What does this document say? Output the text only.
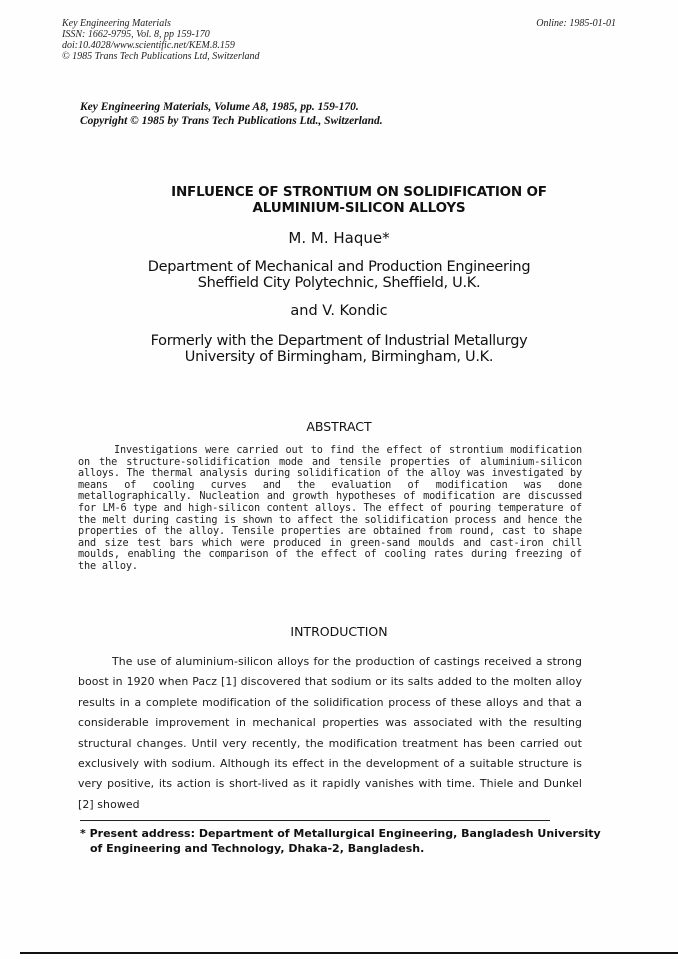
Key Engineering Materials
ISSN: 1662-9795, Vol. 8, pp 159-170
doi:10.4028/www.scientific.net/KEM.8.159
© 1985 Trans Tech Publications Ltd, Switzerland
Online: 1985-01-01
Key Engineering Materials, Volume A8, 1985, pp. 159-170.
Copyright © 1985 by Trans Tech Publications Ltd., Switzerland.
INFLUENCE OF STRONTIUM ON SOLIDIFICATION OF
ALUMINIUM-SILICON ALLOYS
M. M. Haque*
Department of Mechanical and Production Engineering
Sheffield City Polytechnic, Sheffield, U.K.
and V. Kondic
Formerly with the Department of Industrial Metallurgy
University of Birmingham, Birmingham, U.K.
ABSTRACT
Investigations were carried out to find the effect of strontium modification on the structure-solidification mode and tensile properties of aluminium-silicon alloys. The thermal analysis during solidification of the alloy was investigated by means of cooling curves and the evaluation of modification was done metallographically. Nucleation and growth hypotheses of modification are discussed for LM-6 type and high-silicon content alloys. The effect of pouring temperature of the melt during casting is shown to affect the solidification process and hence the properties of the alloy. Tensile properties are obtained from round, cast to shape and size test bars which were produced in green-sand moulds and cast-iron chill moulds, enabling the comparison of the effect of cooling rates during freezing of the alloy.
INTRODUCTION
The use of aluminium-silicon alloys for the production of castings received a strong boost in 1920 when Pacz [1] discovered that sodium or its salts added to the molten alloy results in a complete modification of the solidification process of these alloys and that a considerable improvement in mechanical properties was associated with the resulting structural changes. Until very recently, the modification treatment has been carried out exclusively with sodium. Although its effect in the development of a suitable structure is very positive, its action is short-lived as it rapidly vanishes with time. Thiele and Dunkel [2] showed
* Present address: Department of Metallurgical Engineering, Bangladesh University
of Engineering and Technology, Dhaka-2, Bangladesh.
